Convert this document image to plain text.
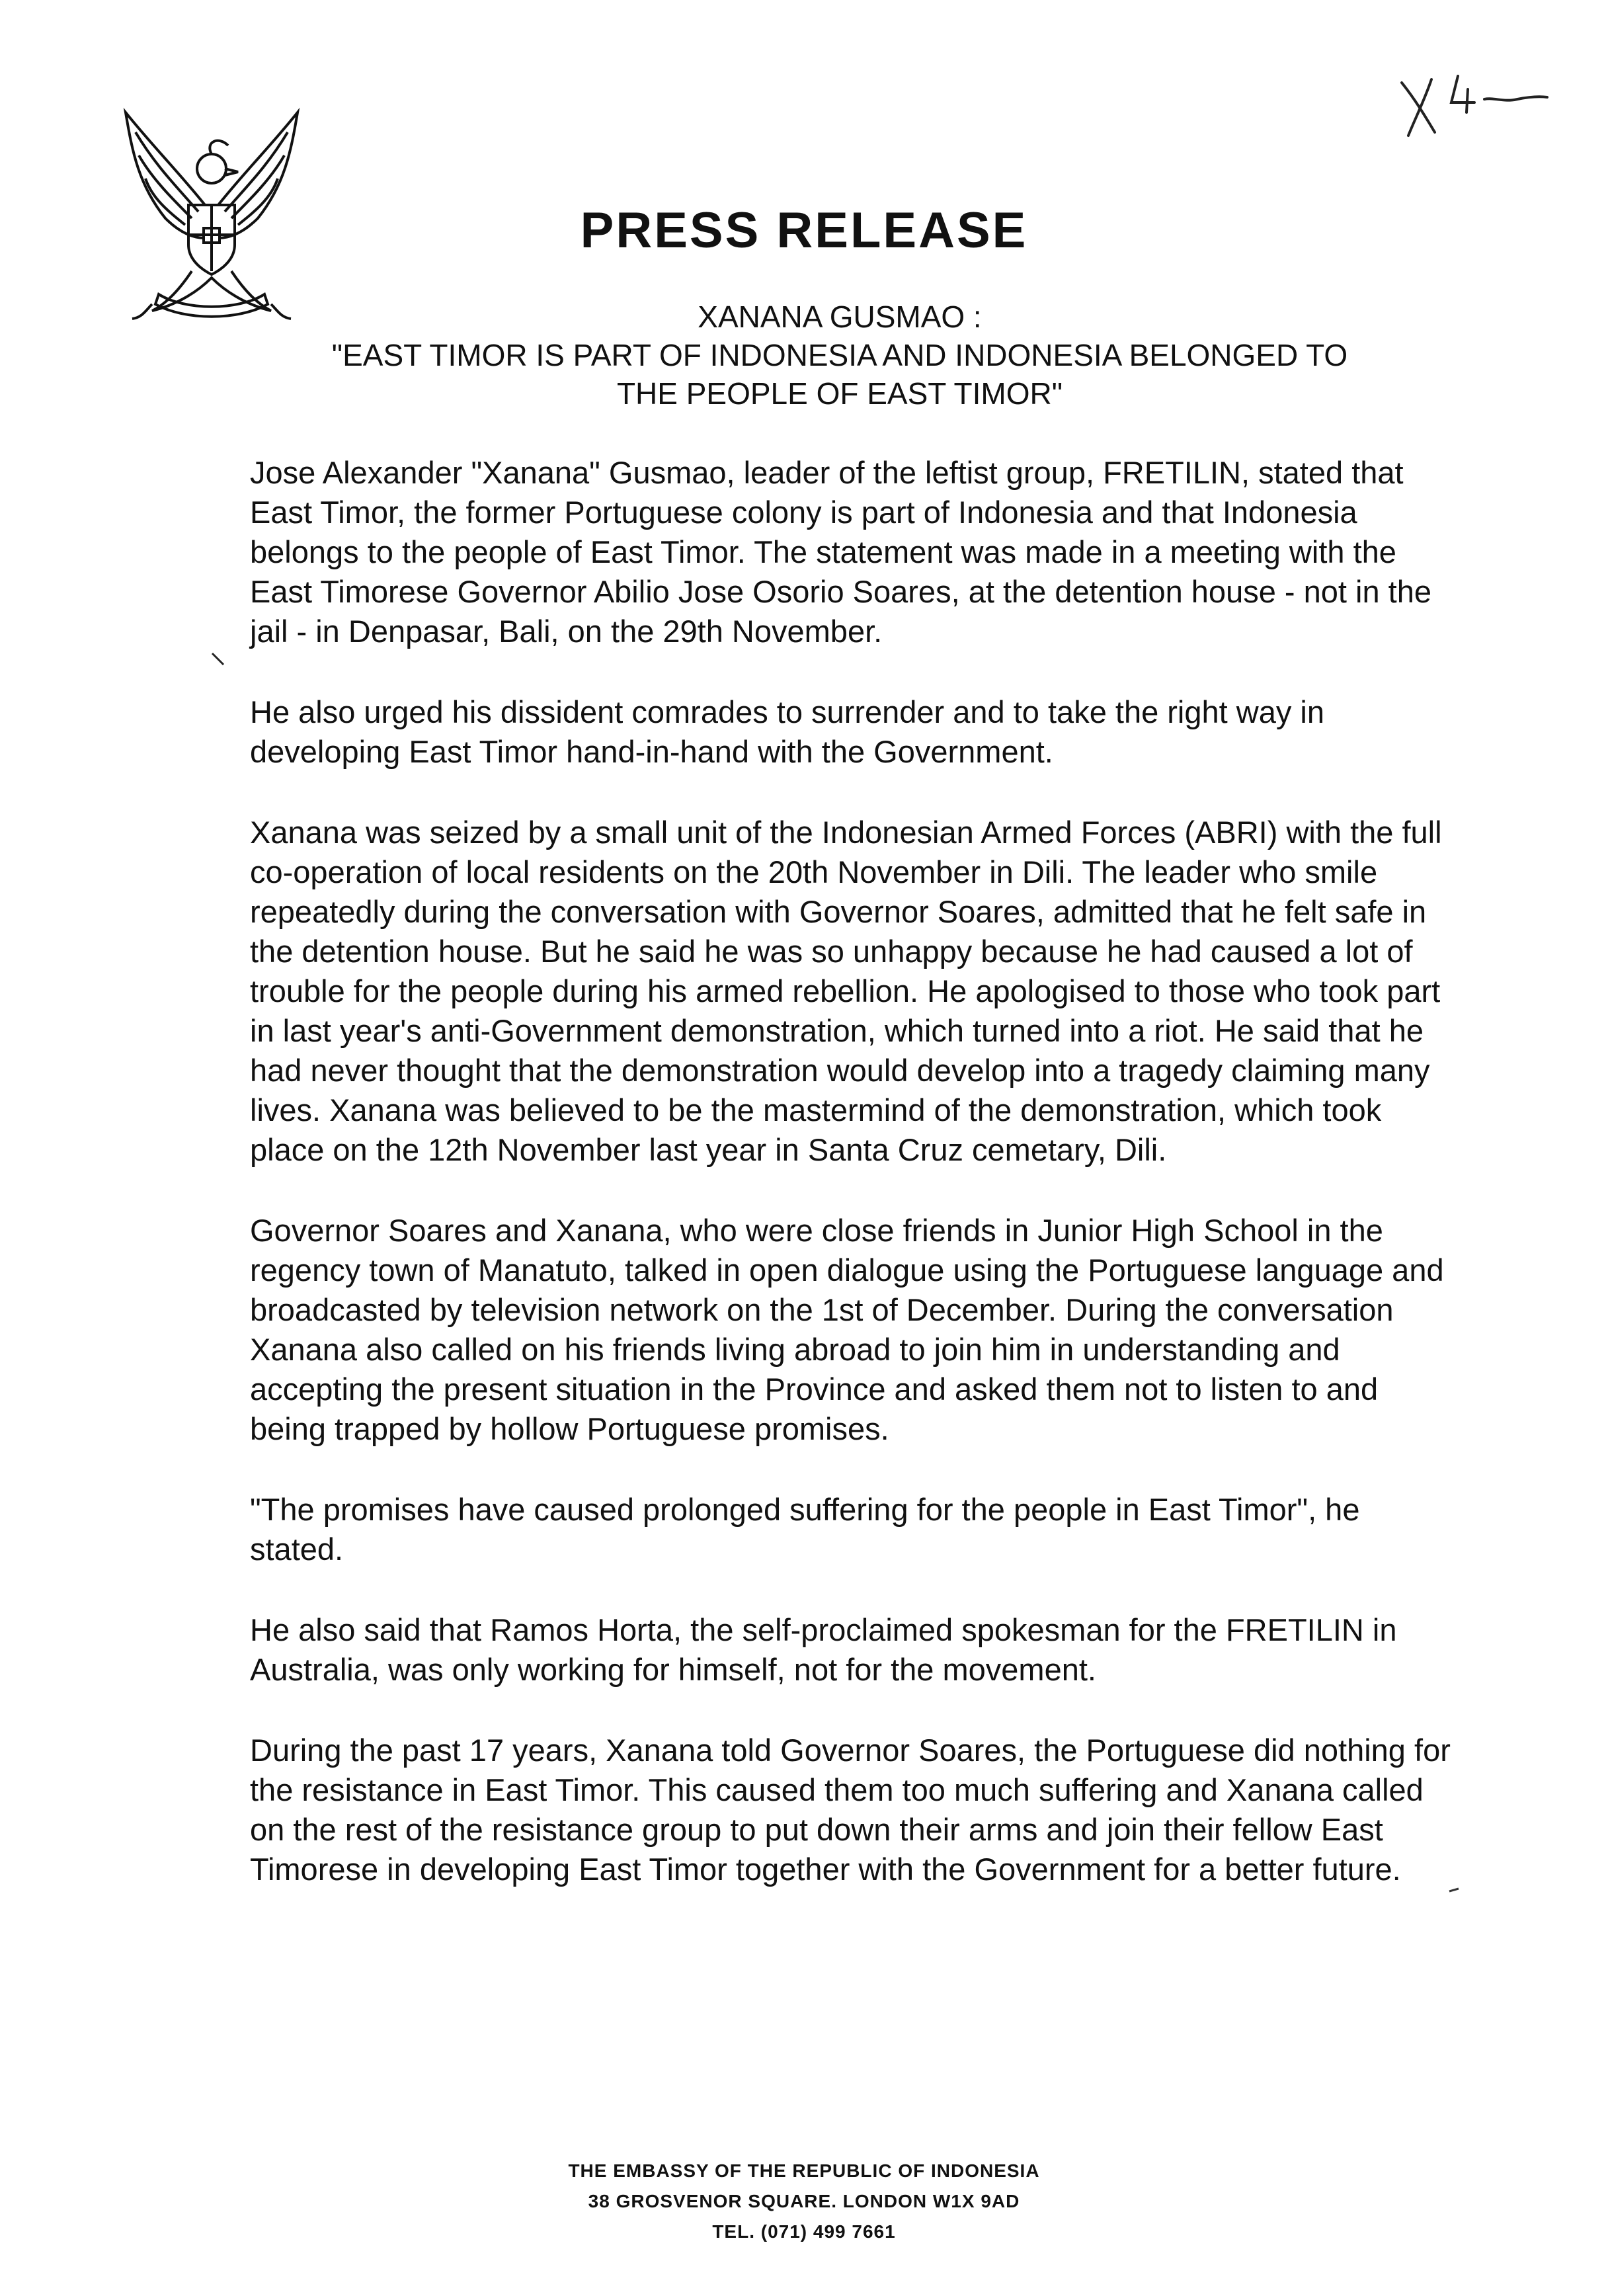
PRESS RELEASE
XANANA GUSMAO :
"EAST TIMOR IS PART OF INDONESIA AND INDONESIA BELONGED TO
THE PEOPLE OF EAST TIMOR"

Jose Alexander "Xanana" Gusmao, leader of the leftist group, FRETILIN, stated that East Timor, the former Portuguese colony is part of Indonesia and that Indonesia belongs to the people of East Timor. The statement was made in a meeting with the East Timorese Governor Abilio Jose Osorio Soares, at the detention house - not in the jail - in Denpasar, Bali, on the 29th November.

He also urged his dissident comrades to surrender and to take the right way in developing East Timor hand-in-hand with the Government.

Xanana was seized by a small unit of the Indonesian Armed Forces (ABRI) with the full co-operation of local residents on the 20th November in Dili. The leader who smile repeatedly during the conversation with Governor Soares, admitted that he felt safe in the detention house. But he said he was so unhappy because he had caused a lot of trouble for the people during his armed rebellion. He apologised to those who took part in last year's anti-Government demonstration, which turned into a riot. He said that he had never thought that the demonstration would develop into a tragedy claiming many lives. Xanana was believed to be the mastermind of the demonstration, which took place on the 12th November last year in Santa Cruz cemetary, Dili.

Governor Soares and Xanana, who were close friends in Junior High School in the regency town of Manatuto, talked in open dialogue using the Portuguese language and broadcasted by television network on the 1st of December. During the conversation Xanana also called on his friends living abroad to join him in understanding and accepting the present situation in the Province and asked them not to listen to and being trapped by hollow Portuguese promises.

"The promises have caused prolonged suffering for the people in East Timor", he stated.

He also said that Ramos Horta, the self-proclaimed spokesman for the FRETILIN in Australia, was only working for himself, not for the movement.

During the past 17 years, Xanana told Governor Soares, the Portuguese did nothing for the resistance in East Timor. This caused them too much suffering and Xanana called on the rest of the resistance group to put down their arms and join their fellow East Timorese in developing East Timor together with the Government for a better future.

THE EMBASSY OF THE REPUBLIC OF INDONESIA
38 GROSVENOR SQUARE. LONDON W1X 9AD
TEL. (071) 499 7661
